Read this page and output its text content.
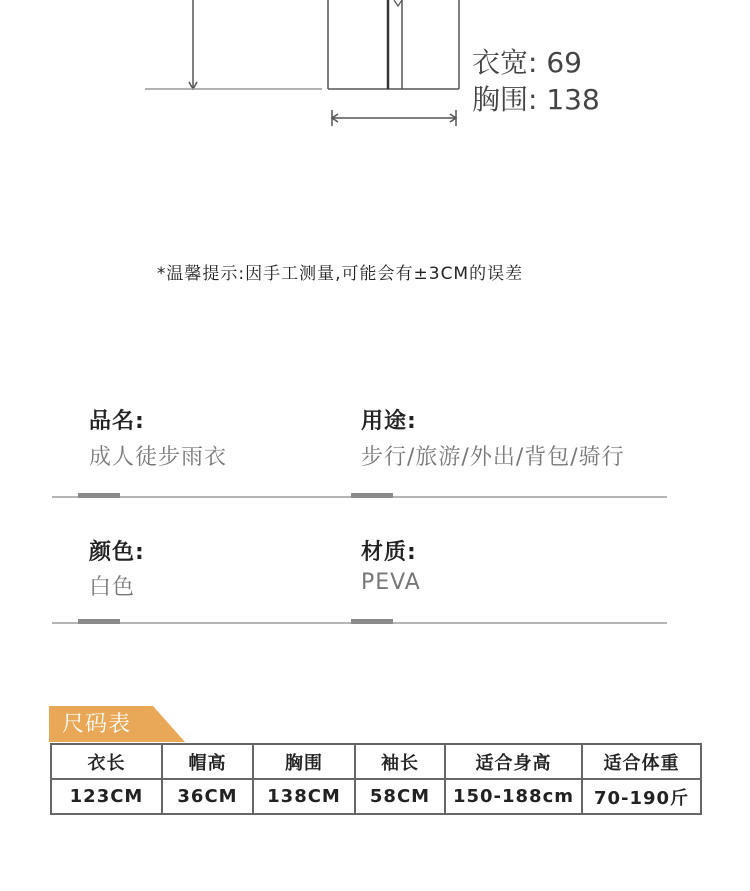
衣宽: 69
胸围: 138
*温馨提示:因手工测量,可能会有±3CM的误差
品名:
成人徒步雨衣
用途:
步行/旅游/外出/背包/骑行
颜色:
白色
材质:
PEVA
尺码表
衣长	帽高	胸围	袖长	适合身高	适合体重
123CM	36CM	138CM	58CM	150-188cm	70-190斤
